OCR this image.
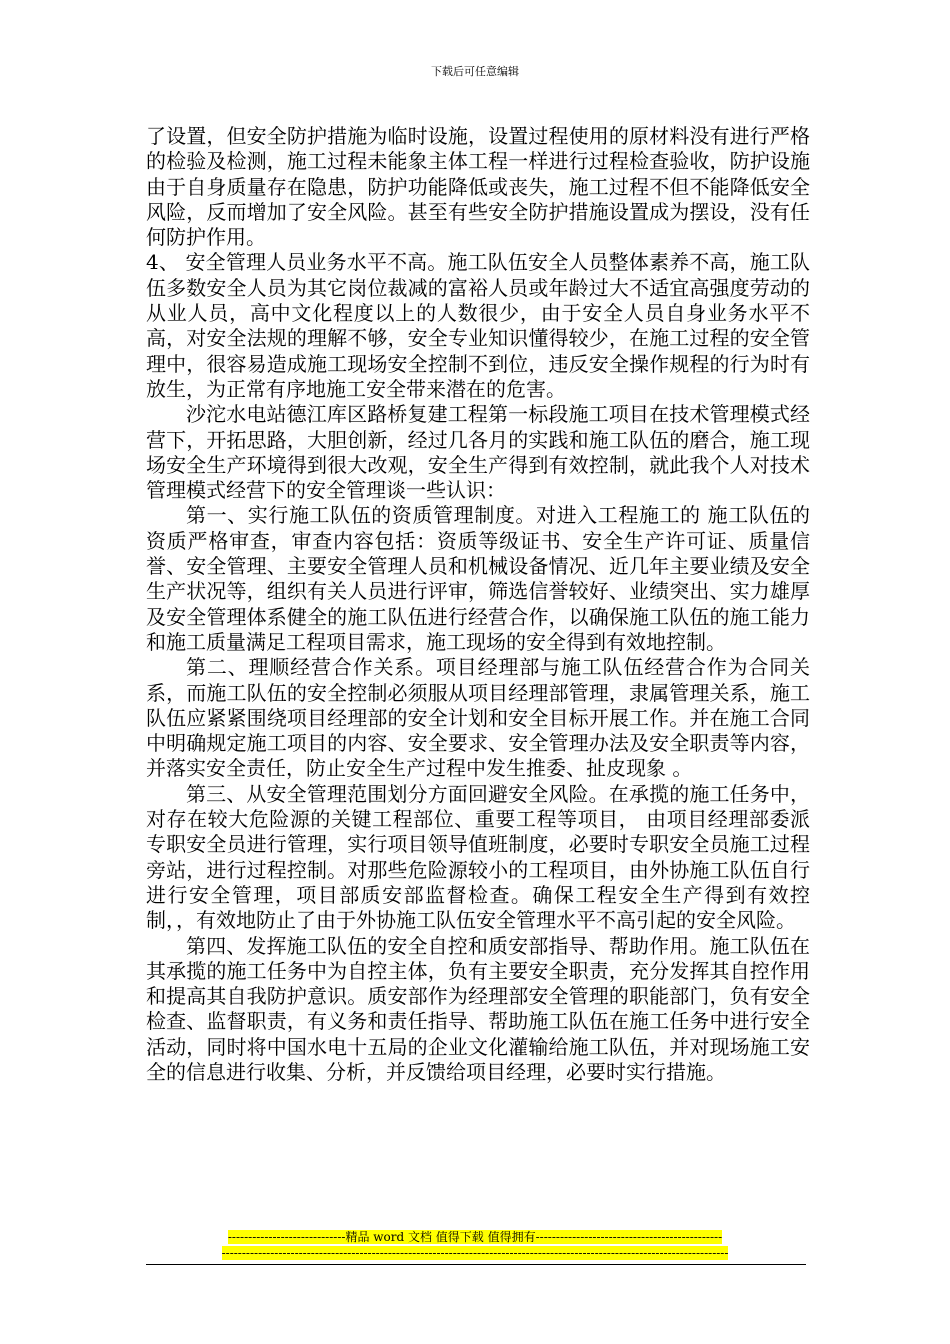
下载后可任意编辑

了设置，但安全防护措施为临时设施，设置过程使用的原材料没有进行严格的检验及检测，施工过程未能象主体工程一样进行过程检查验收，防护设施由于自身质量存在隐患，防护功能降低或丧失，施工过程不但不能降低安全风险，反而增加了安全风险。甚至有些安全防护措施设置成为摆设，没有任何防护作用。

4、 安全管理人员业务水平不高。施工队伍安全人员整体素养不高，施工队伍多数安全人员为其它岗位裁减的富裕人员或年龄过大不适宜高强度劳动的从业人员，高中文化程度以上的人数很少，由于安全人员自身业务水平不高，对安全法规的理解不够，安全专业知识懂得较少，在施工过程的安全管理中，很容易造成施工现场安全控制不到位，违反安全操作规程的行为时有放生，为正常有序地施工安全带来潜在的危害。

沙沱水电站德江库区路桥复建工程第一标段施工项目在技术管理模式经营下，开拓思路，大胆创新，经过几各月的实践和施工队伍的磨合，施工现场安全生产环境得到很大改观，安全生产得到有效控制，就此我个人对技术管理模式经营下的安全管理谈一些认识：

第一、实行施工队伍的资质管理制度。对进入工程施工的 施工队伍的资质严格审查，审查内容包括：资质等级证书、安全生产许可证、质量信誉、安全管理、主要安全管理人员和机械设备情况、近几年主要业绩及安全生产状况等，组织有关人员进行评审，筛选信誉较好、业绩突出、实力雄厚及安全管理体系健全的施工队伍进行经营合作，以确保施工队伍的施工能力和施工质量满足工程项目需求，施工现场的安全得到有效地控制。

第二、理顺经营合作关系。项目经理部与施工队伍经营合作为合同关系，而施工队伍的安全控制必须服从项目经理部管理，隶属管理关系，施工队伍应紧紧围绕项目经理部的安全计划和安全目标开展工作。并在施工合同中明确规定施工项目的内容、安全要求、安全管理办法及安全职责等内容，并落实安全责任，防止安全生产过程中发生推委、扯皮现象 。

第三、从安全管理范围划分方面回避安全风险。在承揽的施工任务中，对存在较大危险源的关键工程部位、重要工程等项目， 由项目经理部委派专职安全员进行管理，实行项目领导值班制度，必要时专职安全员施工过程旁站，进行过程控制。对那些危险源较小的工程项目，由外协施工队伍自行进行安全管理，项目部质安部监督检查。确保工程安全生产得到有效控制，，有效地防止了由于外协施工队伍安全管理水平不高引起的安全风险。

第四、发挥施工队伍的安全自控和质安部指导、帮助作用。施工队伍在其承揽的施工任务中为自控主体，负有主要安全职责，充分发挥其自控作用和提高其自我防护意识。质安部作为经理部安全管理的职能部门，负有安全检查、监督职责，有义务和责任指导、帮助施工队伍在施工任务中进行安全活动，同时将中国水电十五局的企业文化灌输给施工队伍，并对现场施工安全的信息进行收集、分析，并反馈给项目经理，必要时实行措施。

-----------------------------精品 word 文档 值得下载 值得拥有----------------------------------------------
-----------------------------------------------------------------------------------------------------------------------------
